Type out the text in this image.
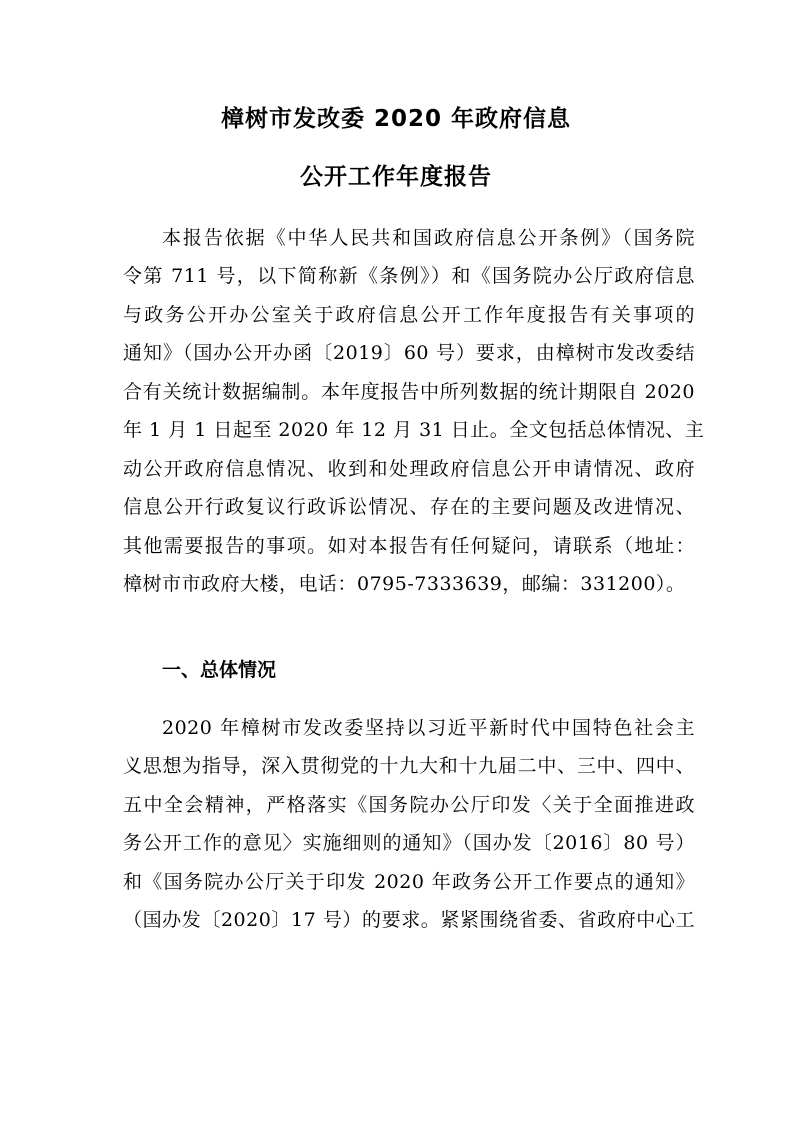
樟树市发改委 2020 年政府信息
公开工作年度报告
本报告依据《中华人民共和国政府信息公开条例》（国务院
令第 711 号，以下简称新《条例》）和《国务院办公厅政府信息
与政务公开办公室关于政府信息公开工作年度报告有关事项的
通知》（国办公开办函〔2019〕60 号）要求，由樟树市发改委结
合有关统计数据编制。本年度报告中所列数据的统计期限自 2020
年 1 月 1 日起至 2020 年 12 月 31 日止。全文包括总体情况、主
动公开政府信息情况、收到和处理政府信息公开申请情况、政府
信息公开行政复议行政诉讼情况、存在的主要问题及改进情况、
其他需要报告的事项。如对本报告有任何疑问，请联系（地址：
樟树市市政府大楼，电话：0795-7333639，邮编：331200）。
一、总体情况
2020 年樟树市发改委坚持以习近平新时代中国特色社会主
义思想为指导，深入贯彻党的十九大和十九届二中、三中、四中、
五中全会精神，严格落实《国务院办公厅印发〈关于全面推进政
务公开工作的意见〉实施细则的通知》（国办发〔2016〕80 号）
和《国务院办公厅关于印发 2020 年政务公开工作要点的通知》
（国办发〔2020〕17 号）的要求。紧紧围绕省委、省政府中心工
